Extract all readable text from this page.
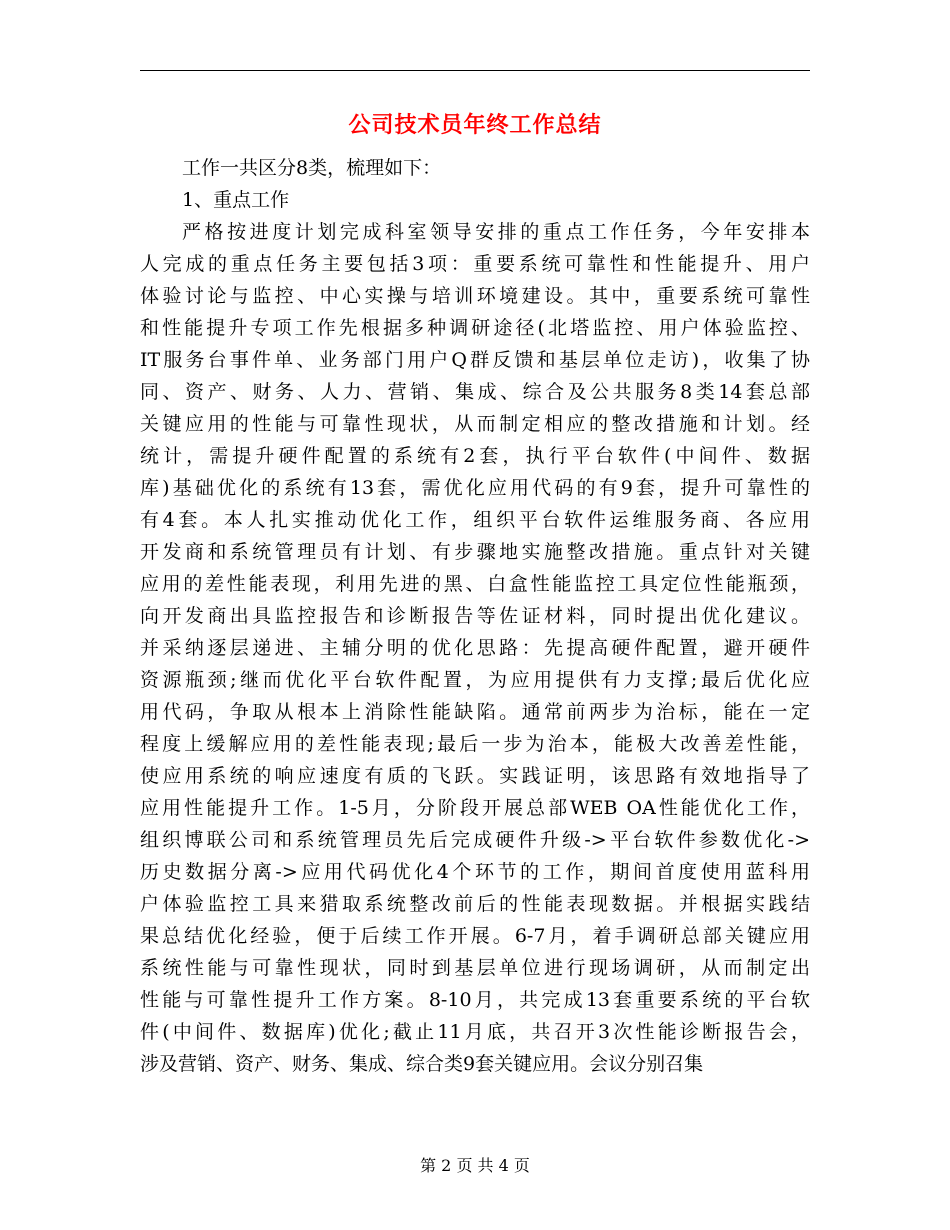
公司技术员年终工作总结
工作一共区分8类，梳理如下：
1、重点工作
严格按进度计划完成科室领导安排的重点工作任务，今年安排本
人完成的重点任务主要包括3项：重要系统可靠性和性能提升、用户
体验讨论与监控、中心实操与培训环境建设。其中，重要系统可靠性
和性能提升专项工作先根据多种调研途径(北塔监控、用户体验监控、
IT服务台事件单、业务部门用户Q群反馈和基层单位走访)，收集了协
同、资产、财务、人力、营销、集成、综合及公共服务8类14套总部
关键应用的性能与可靠性现状，从而制定相应的整改措施和计划。经
统计，需提升硬件配置的系统有2套，执行平台软件(中间件、数据
库)基础优化的系统有13套，需优化应用代码的有9套，提升可靠性的
有4套。本人扎实推动优化工作，组织平台软件运维服务商、各应用
开发商和系统管理员有计划、有步骤地实施整改措施。重点针对关键
应用的差性能表现，利用先进的黑、白盒性能监控工具定位性能瓶颈，
向开发商出具监控报告和诊断报告等佐证材料，同时提出优化建议。
并采纳逐层递进、主辅分明的优化思路：先提高硬件配置，避开硬件
资源瓶颈;继而优化平台软件配置，为应用提供有力支撑;最后优化应
用代码，争取从根本上消除性能缺陷。通常前两步为治标，能在一定
程度上缓解应用的差性能表现;最后一步为治本，能极大改善差性能，
使应用系统的响应速度有质的飞跃。实践证明，该思路有效地指导了
应用性能提升工作。1-5月，分阶段开展总部WEB OA性能优化工作，
组织博联公司和系统管理员先后完成硬件升级->平台软件参数优化->
历史数据分离->应用代码优化4个环节的工作，期间首度使用蓝科用
户体验监控工具来猎取系统整改前后的性能表现数据。并根据实践结
果总结优化经验，便于后续工作开展。6-7月，着手调研总部关键应用
系统性能与可靠性现状，同时到基层单位进行现场调研，从而制定出
性能与可靠性提升工作方案。8-10月，共完成13套重要系统的平台软
件(中间件、数据库)优化;截止11月底，共召开3次性能诊断报告会，
涉及营销、资产、财务、集成、综合类9套关键应用。会议分别召集
第 2 页 共 4 页
